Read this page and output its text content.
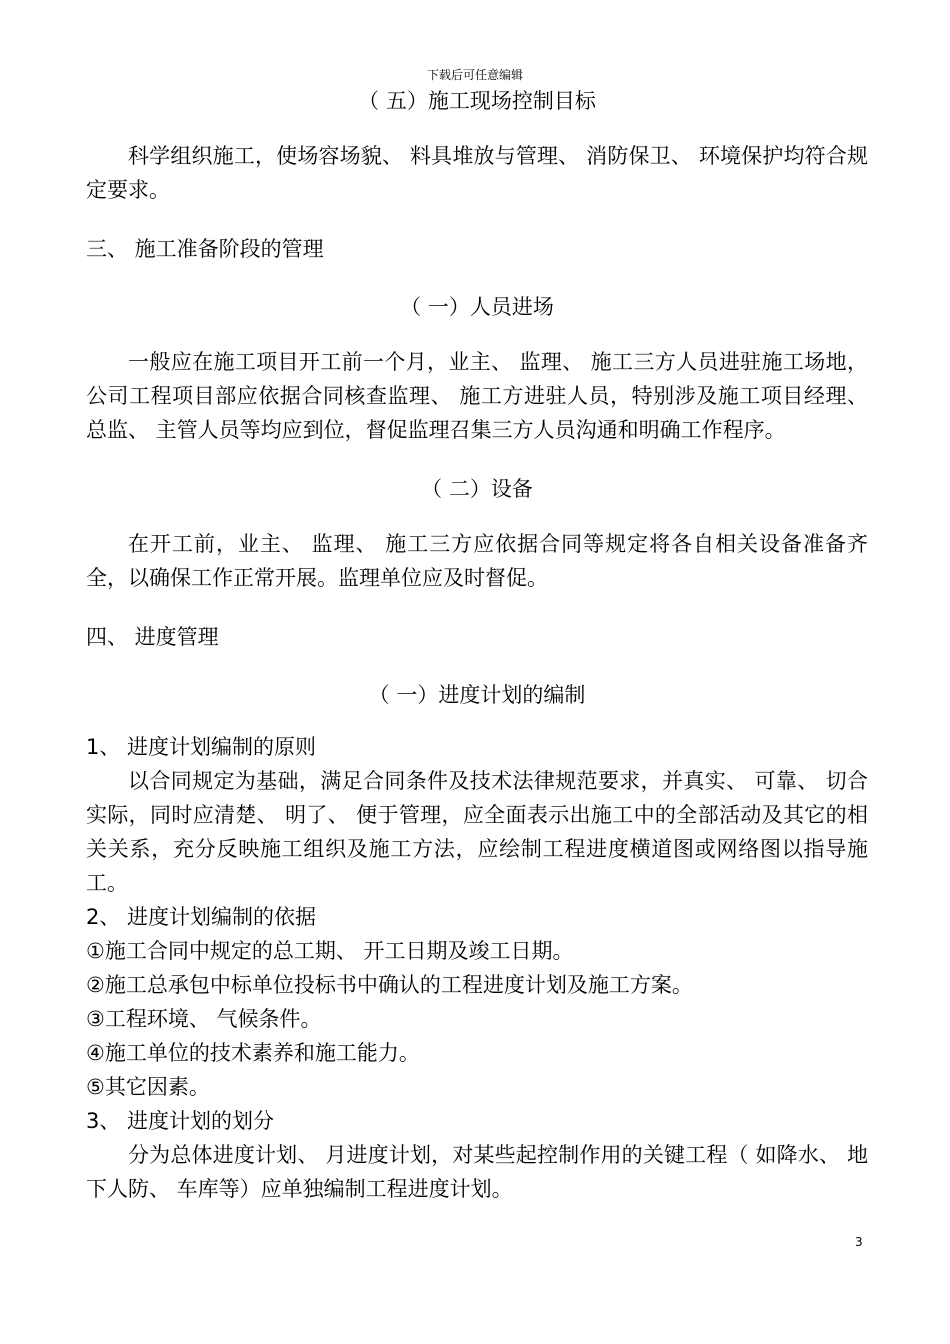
下载后可任意编辑

（ 五）施工现场控制目标

科学组织施工，使场容场貌、 料具堆放与管理、 消防保卫、 环境保护均符合规定要求。

三、 施工准备阶段的管理

（ 一）人员进场

一般应在施工项目开工前一个月，业主、 监理、 施工三方人员进驻施工场地，公司工程项目部应依据合同核查监理、 施工方进驻人员，特别涉及施工项目经理、 总监、 主管人员等均应到位，督促监理召集三方人员沟通和明确工作程序。

（ 二）设备

在开工前，业主、 监理、 施工三方应依据合同等规定将各自相关设备准备齐全，以确保工作正常开展。监理单位应及时督促。

四、 进度管理

（ 一）进度计划的编制

1、 进度计划编制的原则

以合同规定为基础，满足合同条件及技术法律规范要求，并真实、 可靠、 切合实际，同时应清楚、 明了、 便于管理，应全面表示出施工中的全部活动及其它的相关关系，充分反映施工组织及施工方法，应绘制工程进度横道图或网络图以指导施工。

2、 进度计划编制的依据

①施工合同中规定的总工期、 开工日期及竣工日期。

②施工总承包中标单位投标书中确认的工程进度计划及施工方案。

③工程环境、 气候条件。

④施工单位的技术素养和施工能力。

⑤其它因素。

3、 进度计划的划分

分为总体进度计划、 月进度计划，对某些起控制作用的关键工程（ 如降水、 地下人防、 车库等）应单独编制工程进度计划。

3
